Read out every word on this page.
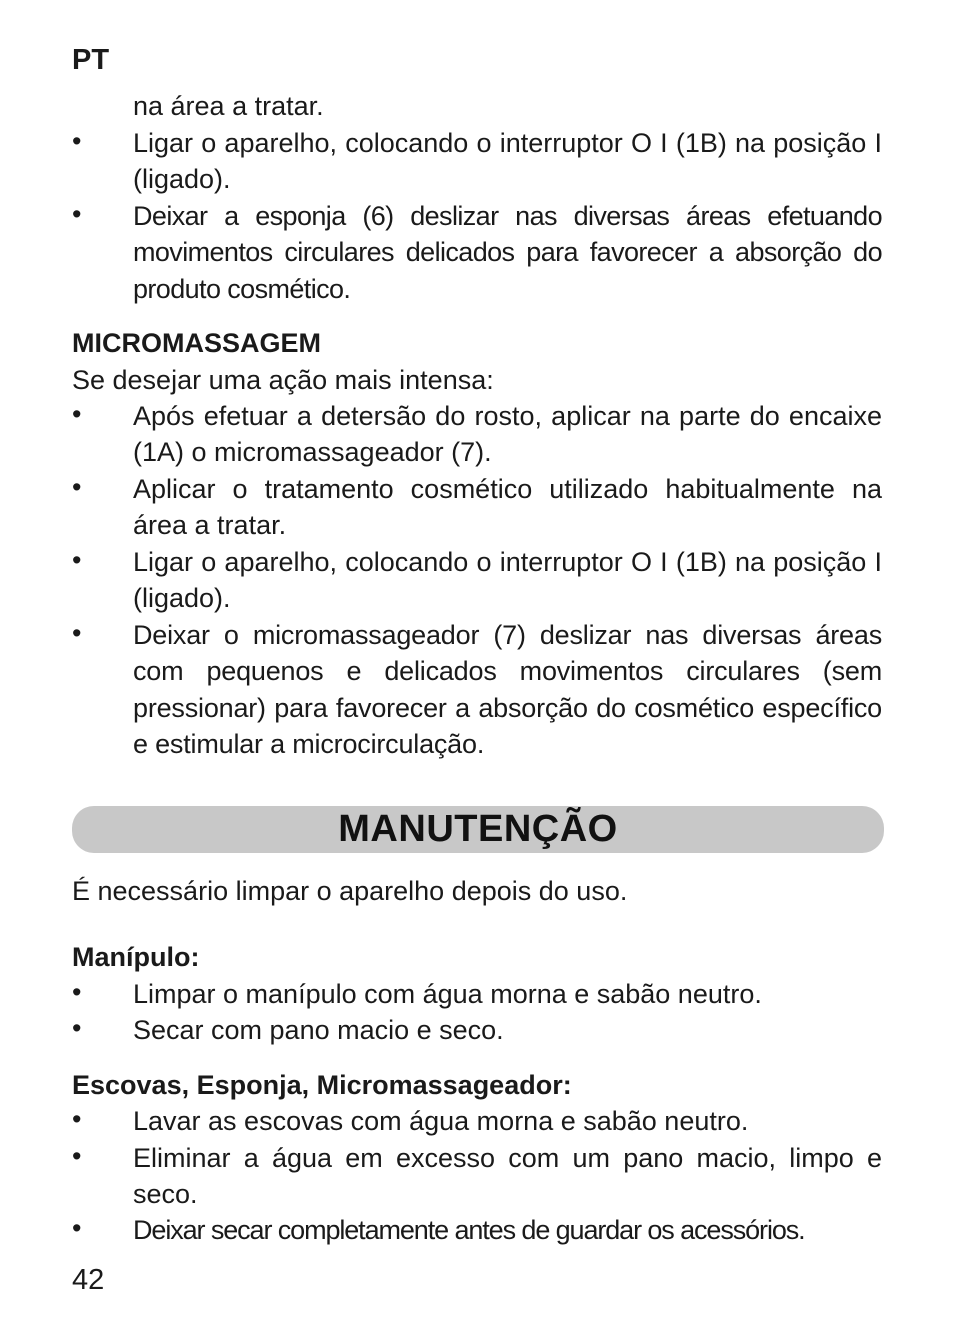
PT
na área a tratar.
•	Ligar o aparelho, colocando o interruptor O I (1B) na posição I (ligado).
•	Deixar a esponja (6) deslizar nas diversas áreas efetuando movimentos circulares delicados para favorecer a absorção do produto cosmético.
MICROMASSAGEM
Se desejar uma ação mais intensa:
•	Após efetuar a detersão do rosto, aplicar na parte do encaixe (1A) o micromassageador (7).
•	Aplicar o tratamento cosmético utilizado habitualmente na área a tratar.
•	Ligar o aparelho, colocando o interruptor O I (1B) na posição I (ligado).
•	Deixar o micromassageador (7) deslizar nas diversas áreas com pequenos e delicados movimentos circulares (sem pressionar) para favorecer a absorção do cosmético específico e estimular a microcirculação.
MANUTENÇÃO
É necessário limpar o aparelho depois do uso.
Manípulo:
•	Limpar o manípulo com água morna e sabão neutro.
•	Secar com pano macio e seco.
Escovas, Esponja, Micromassageador:
•	Lavar as escovas com água morna e sabão neutro.
•	Eliminar a água em excesso com um pano macio, limpo e seco.
•	Deixar secar completamente antes de guardar os acessórios.
42
